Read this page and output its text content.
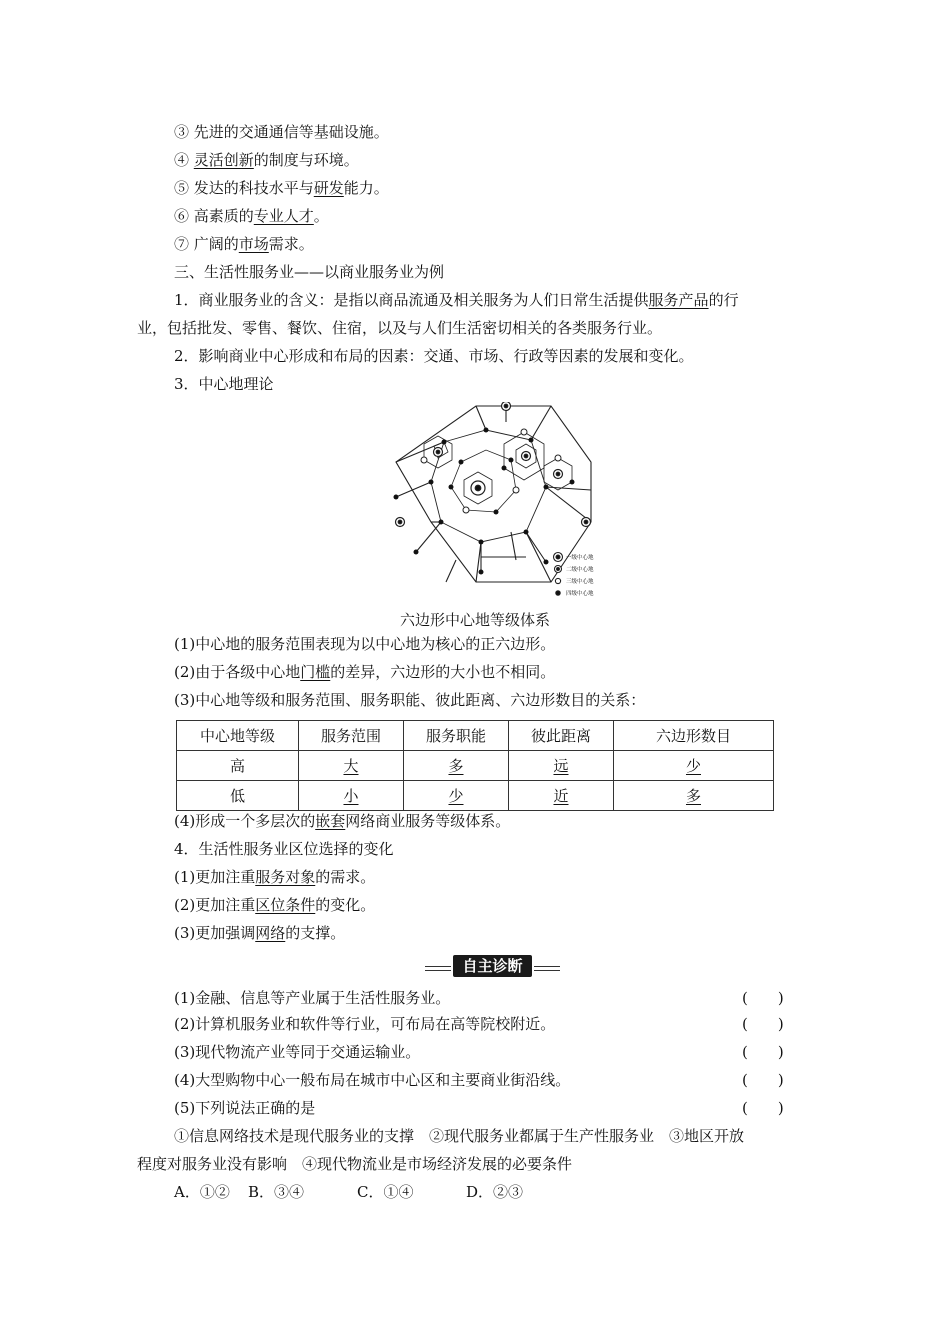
③ 先进的交通通信等基础设施。
④ 灵活创新的制度与环境。
⑤ 发达的科技水平与研发能力。
⑥ 高素质的专业人才。
⑦ 广阔的市场需求。
三、生活性服务业——以商业服务业为例
1．商业服务业的含义：是指以商品流通及相关服务为人们日常生活提供服务产品的行
业，包括批发、零售、餐饮、住宿，以及与人们生活密切相关的各类服务行业。
2．影响商业中心形成和布局的因素：交通、市场、行政等因素的发展和变化。
3．中心地理论
一级中心地
二级中心地
三级中心地
四级中心地
六边形中心地等级体系
(1)中心地的服务范围表现为以中心地为核心的正六边形。
(2)由于各级中心地门槛的差异，六边形的大小也不相同。
(3)中心地等级和服务范围、服务职能、彼此距离、六边形数目的关系：
中心地等级	服务范围	服务职能	彼此距离	六边形数目
高	大	多	远	少
低	小	少	近	多
(4)形成一个多层次的嵌套网络商业服务等级体系。
4．生活性服务业区位选择的变化
(1)更加注重服务对象的需求。
(2)更加注重区位条件的变化。
(3)更加强调网络的支撑。
自主诊断
(1)金融、信息等产业属于生活性服务业。	(　　)
(2)计算机服务业和软件等行业，可布局在高等院校附近。	(　　)
(3)现代物流产业等同于交通运输业。	(　　)
(4)大型购物中心一般布局在城市中心区和主要商业街沿线。	(　　)
(5)下列说法正确的是	(　　)
①信息网络技术是现代服务业的支撑　②现代服务业都属于生产性服务业　③地区开放
程度对服务业没有影响　④现代物流业是市场经济发展的必要条件
A．①② B．③④	C．①④	D．②③
